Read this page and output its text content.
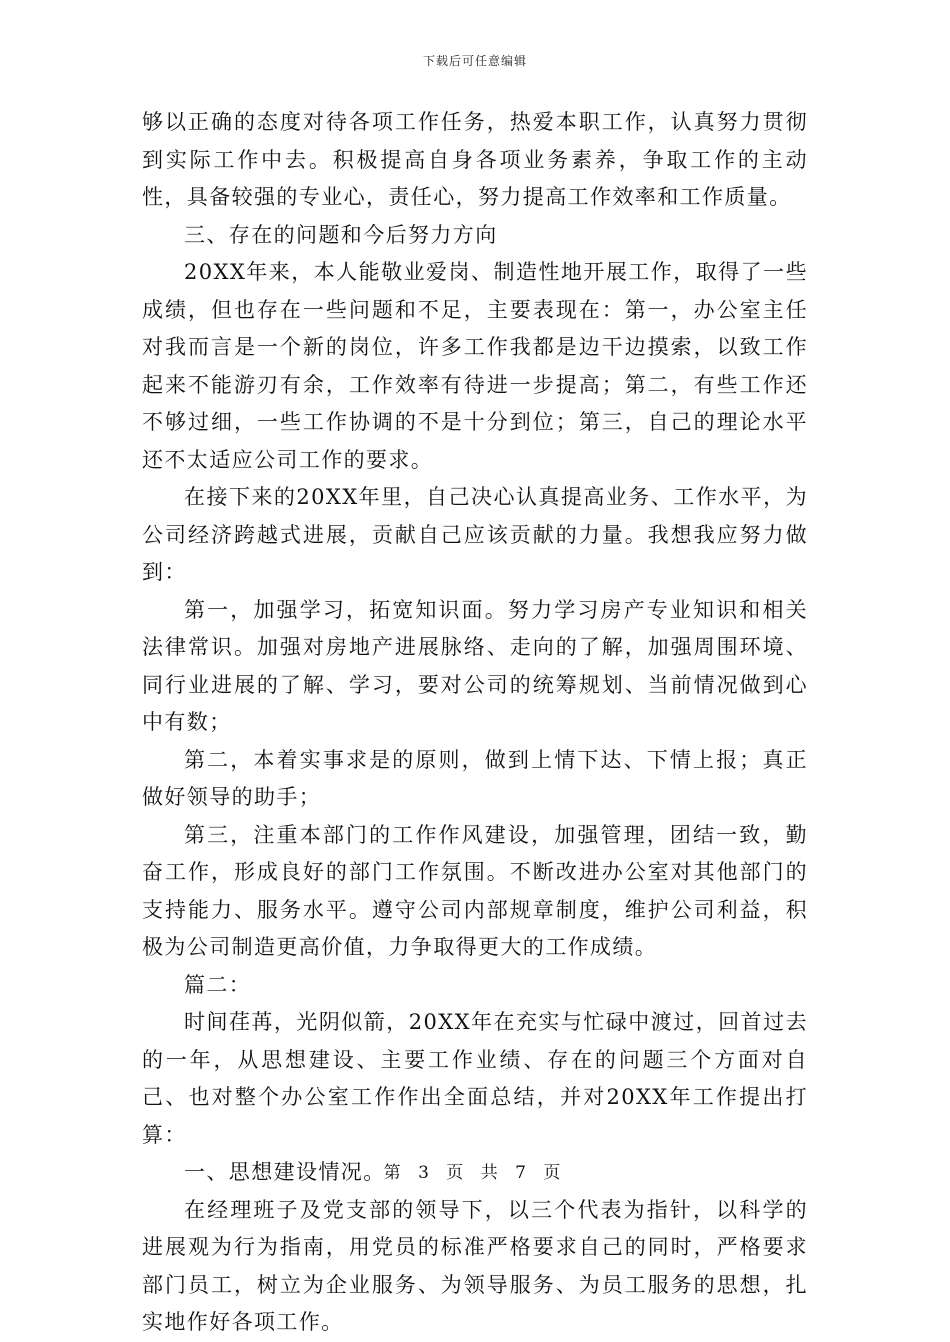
下载后可任意编辑

够以正确的态度对待各项工作任务，热爱本职工作，认真努力贯彻到实际工作中去。积极提高自身各项业务素养，争取工作的主动性，具备较强的专业心，责任心，努力提高工作效率和工作质量。

三、存在的问题和今后努力方向

20XX年来，本人能敬业爱岗、制造性地开展工作，取得了一些成绩，但也存在一些问题和不足，主要表现在：第一，办公室主任对我而言是一个新的岗位，许多工作我都是边干边摸索，以致工作起来不能游刃有余，工作效率有待进一步提高；第二，有些工作还不够过细，一些工作协调的不是十分到位；第三，自己的理论水平还不太适应公司工作的要求。

在接下来的20XX年里，自己决心认真提高业务、工作水平，为公司经济跨越式进展，贡献自己应该贡献的力量。我想我应努力做到：

第一，加强学习，拓宽知识面。努力学习房产专业知识和相关法律常识。加强对房地产进展脉络、走向的了解，加强周围环境、同行业进展的了解、学习，要对公司的统筹规划、当前情况做到心中有数；

第二，本着实事求是的原则，做到上情下达、下情上报；真正做好领导的助手；

第三，注重本部门的工作作风建设，加强管理，团结一致，勤奋工作，形成良好的部门工作氛围。不断改进办公室对其他部门的支持能力、服务水平。遵守公司内部规章制度，维护公司利益，积极为公司制造更高价值，力争取得更大的工作成绩。

篇二：

时间荏苒，光阴似箭，20XX年在充实与忙碌中渡过，回首过去的一年，从思想建设、主要工作业绩、存在的问题三个方面对自己、也对整个办公室工作作出全面总结，并对20XX年工作提出打算：

一、思想建设情况。

在经理班子及党支部的领导下，以三个代表为指针，以科学的进展观为行为指南，用党员的标准严格要求自己的同时，严格要求部门员工，树立为企业服务、为领导服务、为员工服务的思想，扎实地作好各项工作。

第 3 页 共 7 页
